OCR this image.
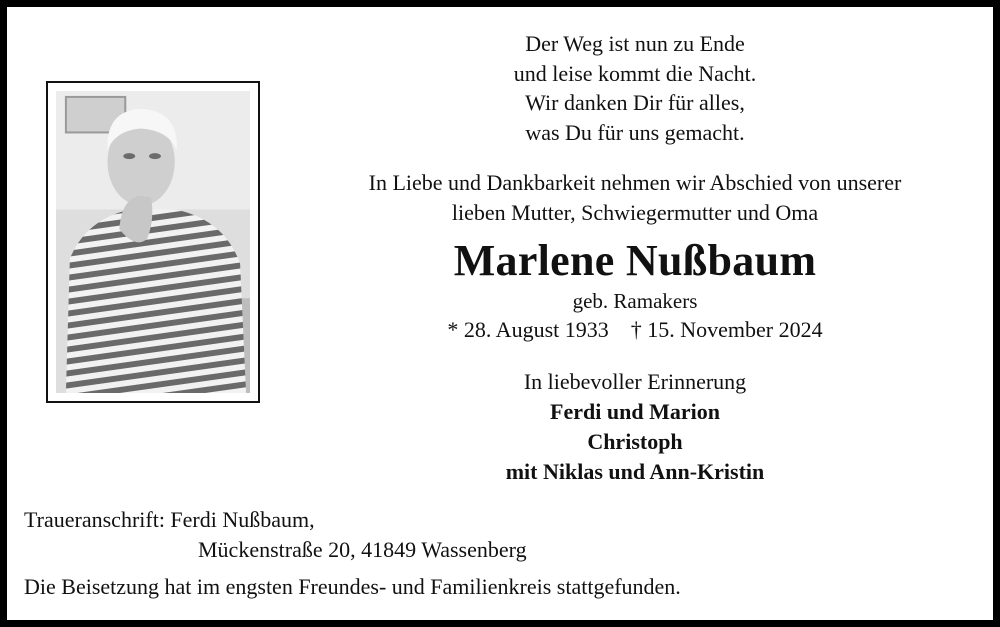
Der Weg ist nun zu Ende
und leise kommt die Nacht.
Wir danken Dir für alles,
was Du für uns gemacht.
In Liebe und Dankbarkeit nehmen wir Abschied von unserer
lieben Mutter, Schwiegermutter und Oma
Marlene Nußbaum
geb. Ramakers
* 28. August 1933 † 15. November 2024
In liebevoller Erinnerung
Ferdi und Marion
Christoph
mit Niklas und Ann-Kristin
Traueranschrift: Ferdi Nußbaum,
Mückenstraße 20, 41849 Wassenberg
Die Beisetzung hat im engsten Freundes- und Familienkreis stattgefunden.
